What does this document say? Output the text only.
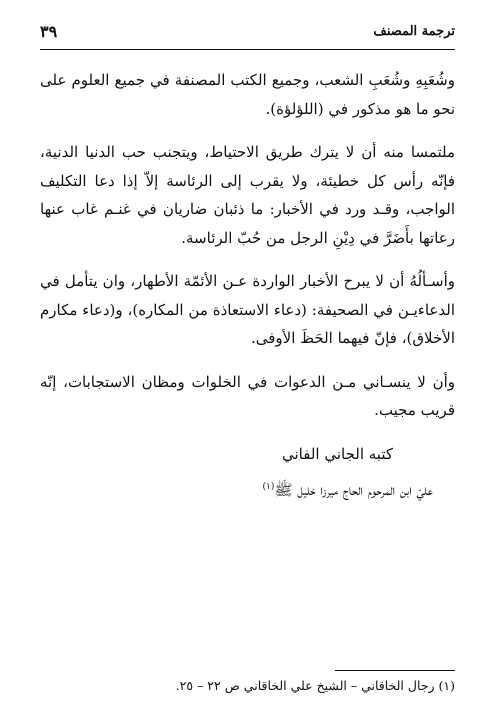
ترجمة المصنف
٣٩

وشُعَبِهِ وشُعَبِ الشعب، وجميع الكتب المصنفة في جميع العلوم على نحو ما هو مذكور في (اللؤلؤة).

ملتمسا منه أن لا يترك طريق الاحتياط، ويتجنب حب الدنيا الدنية، فإنّه رأس كل خطيئة، ولا يقرب إلى الرئاسة إلاّ إذا دعا التكليف الواجب، وقـد ورد في الأخبار: ما ذئبان ضاريان في غنـم غاب عنها رعاتها بأَضَرَّ في دِيْنِ الرجل من حُبّ الرئاسة.

وأسـألُهُ أن لا يبرح الأخبار الواردة عـن الأئمّة الأطهار، وان يتأمل في الدعاءيـن في الصحيفة: (دعاء الاستعاذة من المكاره)، و(دعاء مكارم الأخلاق)، فإنّ فيهما الحَظَ الأوفى.

وأن لا ينسـاني مـن الدعوات في الخلوات ومظان الاستجابات، إنّه قريب مجيب.

كتبه الجاني الفاني

عليّ ابن المرحوم الحاج ميرزا خليل ﷺ$^{(١)}$

(١) رجال الخاقاني – الشيخ علي الخاقاني ص ٢٢ – ٢٥.
